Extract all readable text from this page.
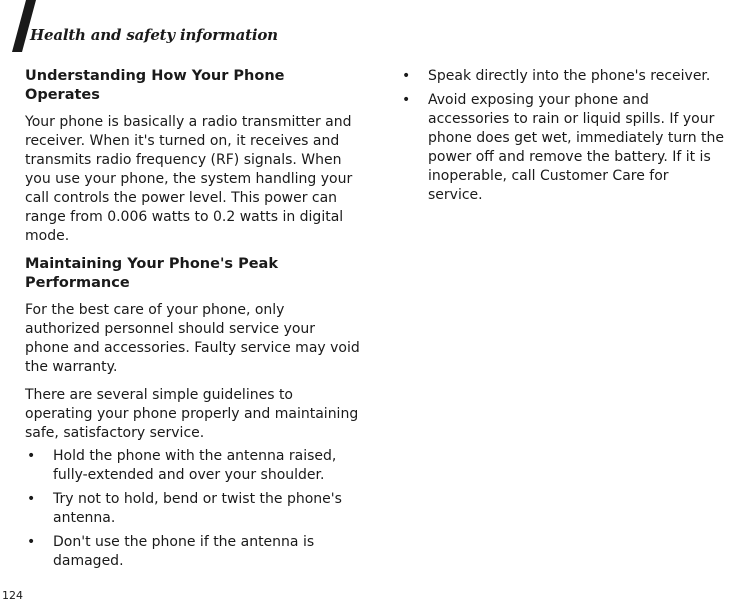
Health and safety information
Understanding How Your Phone Operates

Your phone is basically a radio transmitter and receiver. When it's turned on, it receives and transmits radio frequency (RF) signals. When you use your phone, the system handling your call controls the power level. This power can range from 0.006 watts to 0.2 watts in digital mode.

Maintaining Your Phone's Peak Performance

For the best care of your phone, only authorized personnel should service your phone and accessories. Faulty service may void the warranty.

There are several simple guidelines to operating your phone properly and maintaining safe, satisfactory service.

• Hold the phone with the antenna raised, fully-extended and over your shoulder.
• Try not to hold, bend or twist the phone's antenna.
• Don't use the phone if the antenna is damaged.
• Speak directly into the phone's receiver.
• Avoid exposing your phone and accessories to rain or liquid spills. If your phone does get wet, immediately turn the power off and remove the battery. If it is inoperable, call Customer Care for service.
124
